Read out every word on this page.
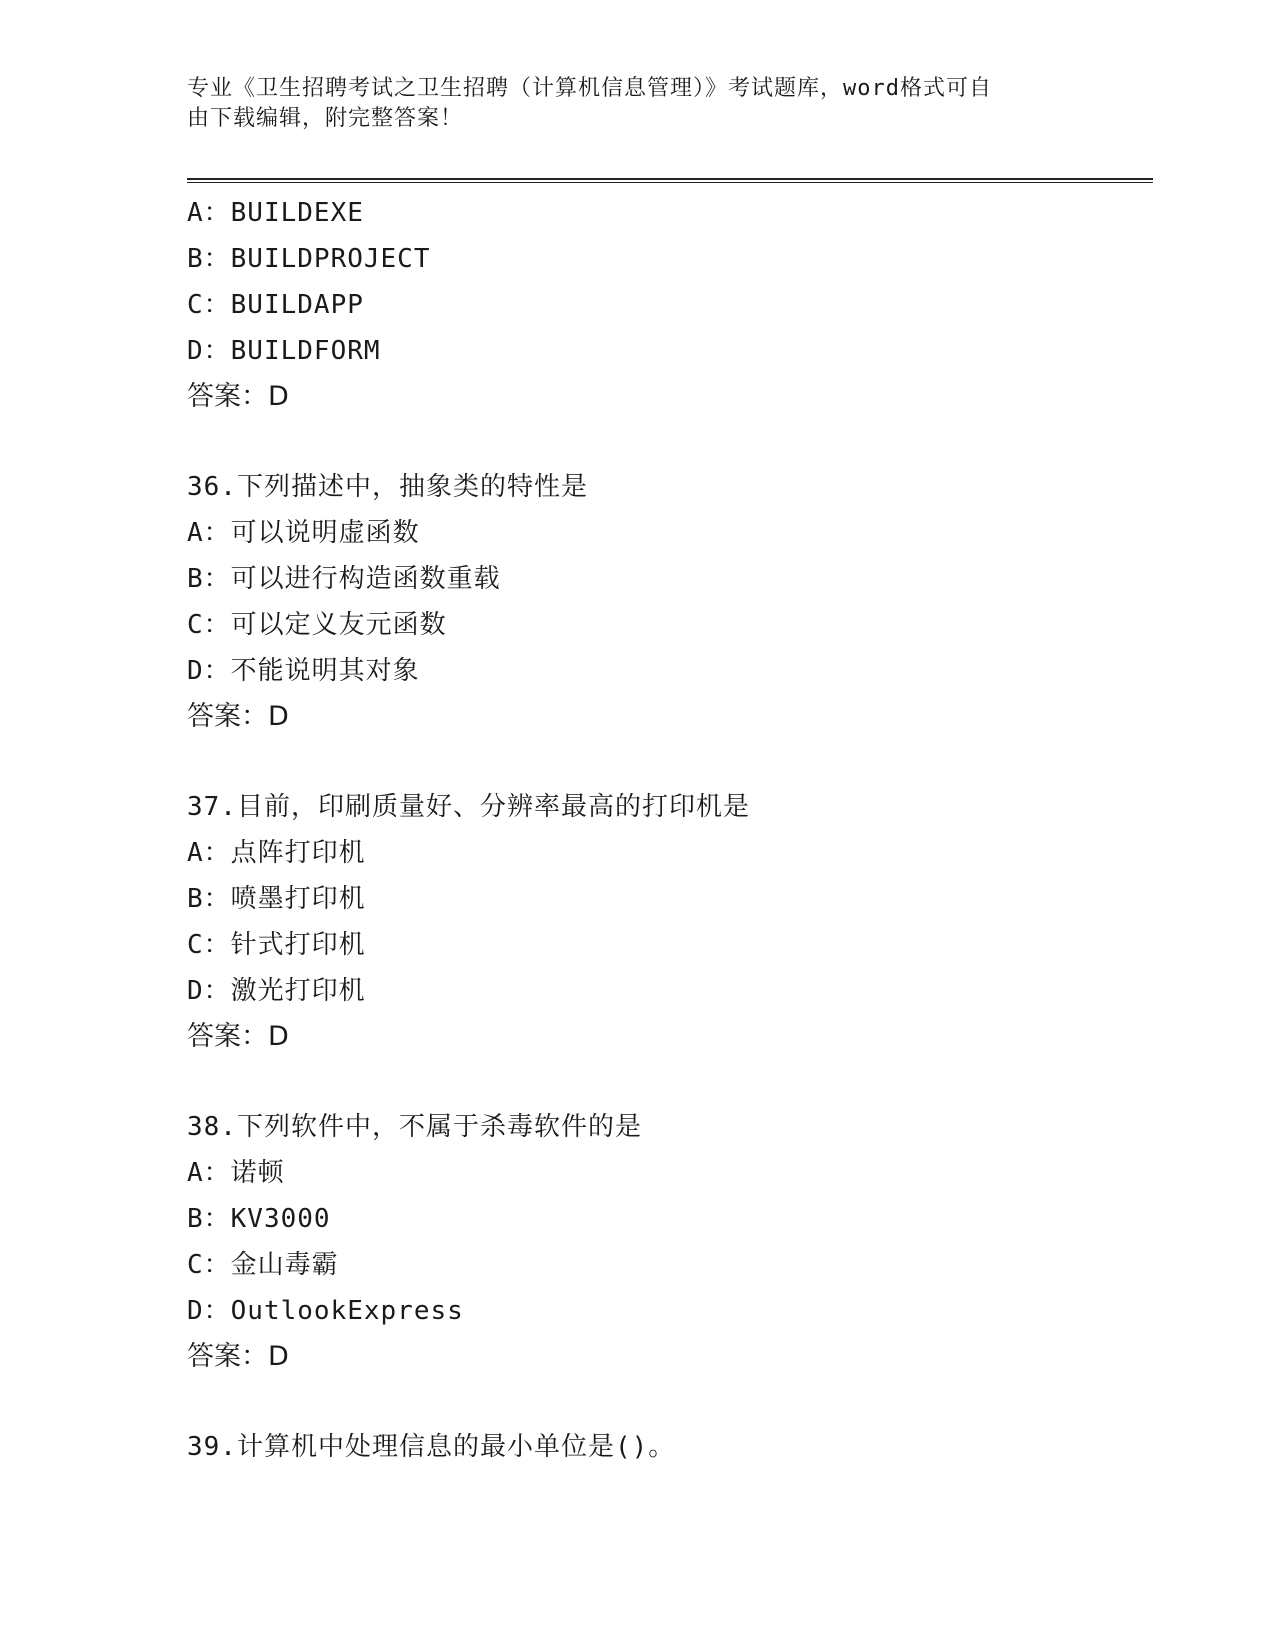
专业《卫生招聘考试之卫生招聘（计算机信息管理）》考试题库，word格式可自
由下载编辑，附完整答案！
A：BUILDEXE
B：BUILDPROJECT
C：BUILDAPP
D：BUILDFORM
答案：D
36.下列描述中，抽象类的特性是
A：可以说明虚函数
B：可以进行构造函数重载
C：可以定义友元函数
D：不能说明其对象
答案：D
37.目前，印刷质量好、分辨率最高的打印机是
A：点阵打印机
B：喷墨打印机
C：针式打印机
D：激光打印机
答案：D
38.下列软件中，不属于杀毒软件的是
A：诺顿
B：KV3000
C：金山毒霸
D：OutlookExpress
答案：D
39.计算机中处理信息的最小单位是()。
